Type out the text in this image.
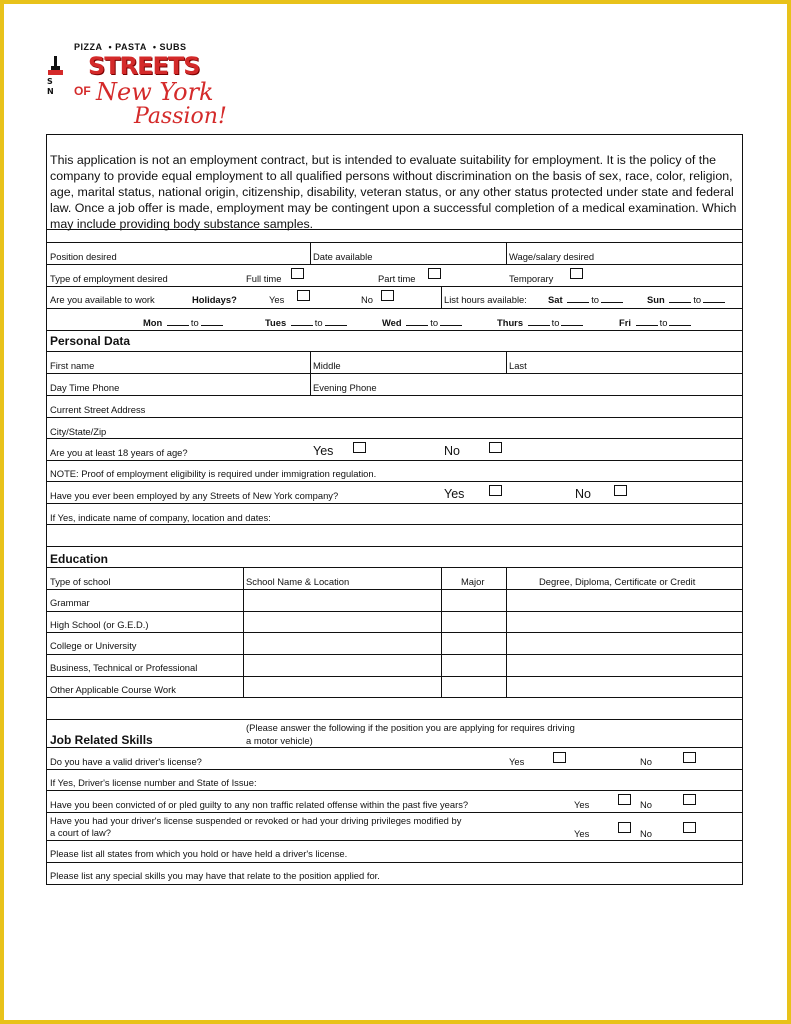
PIZZA • PASTA • SUBS
S
N
STREETS
OF New York
Passion!
This application is not an employment contract, but is intended to evaluate suitability for employment. It is the policy of the company to provide equal employment to all qualified persons without discrimination on the basis of sex, race, color, religion, age, marital status, national origin, citizenship, disability, veteran status, or any other status protected under state and federal law. Once a job offer is made, employment may be contingent upon a successful completion of a medical examination. Which may include providing body substance samples.
Position desired	Date available	Wage/salary desired
Type of employment desired	Full time	Part time	Temporary
Are you available to work	Holidays?	Yes	No	List hours available: Sat	to	Sun	to
Mon	to	Tues	to	Wed	to	Thurs	to	Fri	to
Personal Data
First name	Middle	Last
Day Time Phone	Evening Phone
Current Street Address
City/State/Zip
Are you at least 18 years of age?	Yes	No
NOTE: Proof of employment eligibility is required under immigration regulation.
Have you ever been employed by any Streets of New York company?	Yes	No
If Yes, indicate name of company, location and dates:
Education
Type of school	School Name & Location	Major	Degree, Diploma, Certificate or Credit
Grammar
High School (or G.E.D.)
College or University
Business, Technical or Professional
Other Applicable Course Work
Job Related Skills
(Please answer the following if the position you are applying for requires driving
a motor vehicle)
Do you have a valid driver's license?	Yes	No
If Yes, Driver's license number and State of Issue:
Have you been convicted of or pled guilty to any non traffic related offense within the past five years?	Yes	No
Have you had your driver's license suspended or revoked or had your driving privileges modified by
a court of law?	Yes	No
Please list all states from which you hold or have held a driver's license.
Please list any special skills you may have that relate to the position applied for.
